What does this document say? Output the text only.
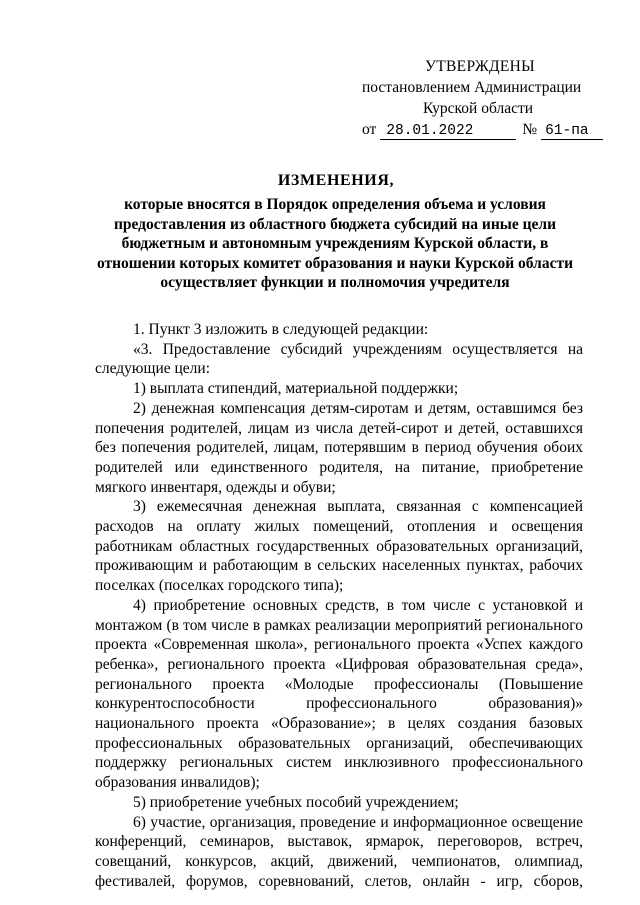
УТВЕРЖДЕНЫ
постановлением Администрации
Курской области
от 28.01.2022	№ 61-па
ИЗМЕНЕНИЯ,
которые вносятся в Порядок определения объема и условия предоставления из областного бюджета субсидий на иные цели бюджетным и автономным учреждениям Курской области, в отношении которых комитет образования и науки Курской области осуществляет функции и полномочия учредителя

1. Пункт 3 изложить в следующей редакции:

«3. Предоставление субсидий учреждениям осуществляется на следующие цели:

1) выплата стипендий, материальной поддержки;

2) денежная компенсация детям-сиротам и детям, оставшимся без попечения родителей, лицам из числа детей-сирот и детей, оставшихся без попечения родителей, лицам, потерявшим в период обучения обоих родителей или единственного родителя, на питание, приобретение мягкого инвентаря, одежды и обуви;

3) ежемесячная денежная выплата, связанная с компенсацией расходов на оплату жилых помещений, отопления и освещения работникам областных государственных образовательных организаций, проживающим и работающим в сельских населенных пунктах, рабочих поселках (поселках городского типа);

4) приобретение основных средств, в том числе с установкой и монтажом (в том числе в рамках реализации мероприятий регионального проекта «Современная школа», регионального проекта «Успех каждого ребенка», регионального проекта «Цифровая образовательная среда», регионального проекта «Молодые профессионалы (Повышение конкурентоспособности профессионального образования)» национального проекта «Образование»; в целях создания базовых профессиональных образовательных организаций, обеспечивающих поддержку региональных систем инклюзивного профессионального образования инвалидов);

5) приобретение учебных пособий учреждением;

6) участие, организация, проведение и информационное освещение конференций, семинаров, выставок, ярмарок, переговоров, встреч, совещаний, конкурсов, акций, движений, чемпионатов, олимпиад, фестивалей, форумов, соревнований, слетов, онлайн - игр, сборов,
